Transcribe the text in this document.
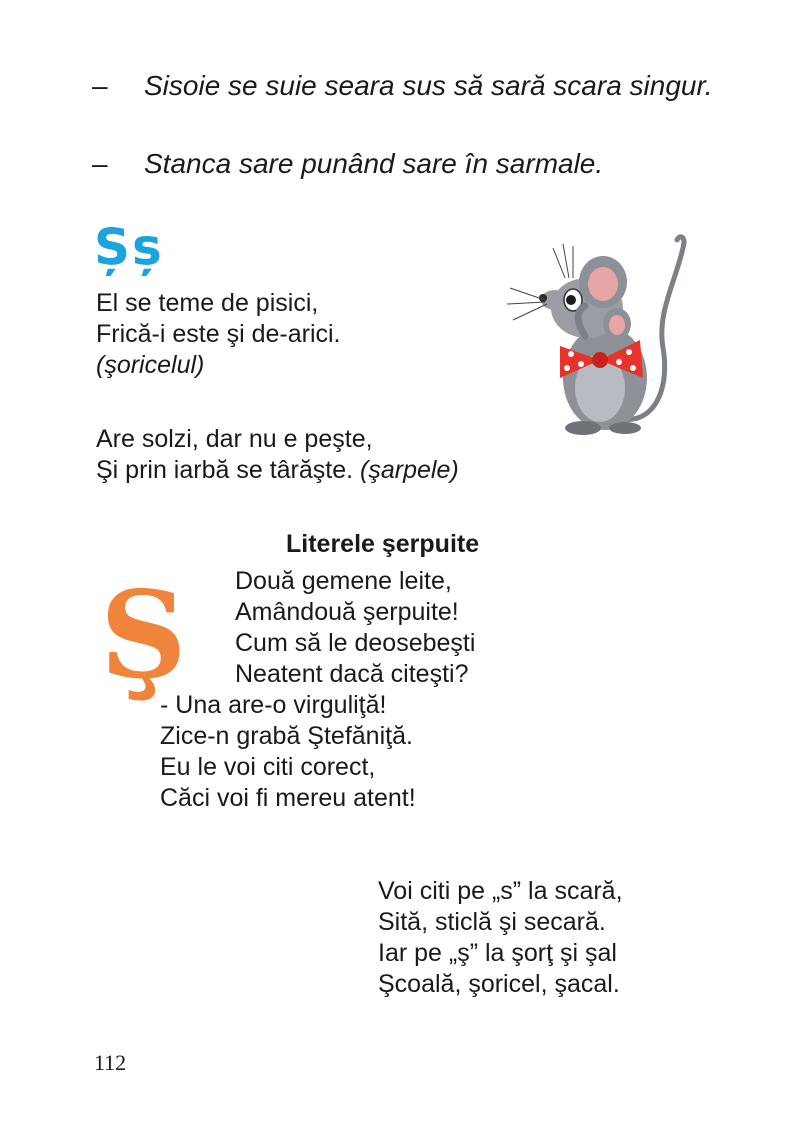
– Sisoie se suie seara sus să sară scara singur.
– Stanca sare punând sare în sarmale.
Șș
El se teme de pisici,
Frică-i este şi de-arici.
(şoricelul)
Are solzi, dar nu e peşte,
Şi prin iarbă se târăşte. (şarpele)
Literele şerpuite
Ş Două gemene leite,
Amândouă şerpuite!
Cum să le deosebeşti
Neatent dacă citeşti?
- Una are-o virguliţă!
Zice-n grabă Ştefăniţă.
Eu le voi citi corect,
Căci voi fi mereu atent!
Voi citi pe „s” la scară,
Sită, sticlă şi secară.
Iar pe „ş” la şorţ şi şal
Şcoală, şoricel, şacal.
112
